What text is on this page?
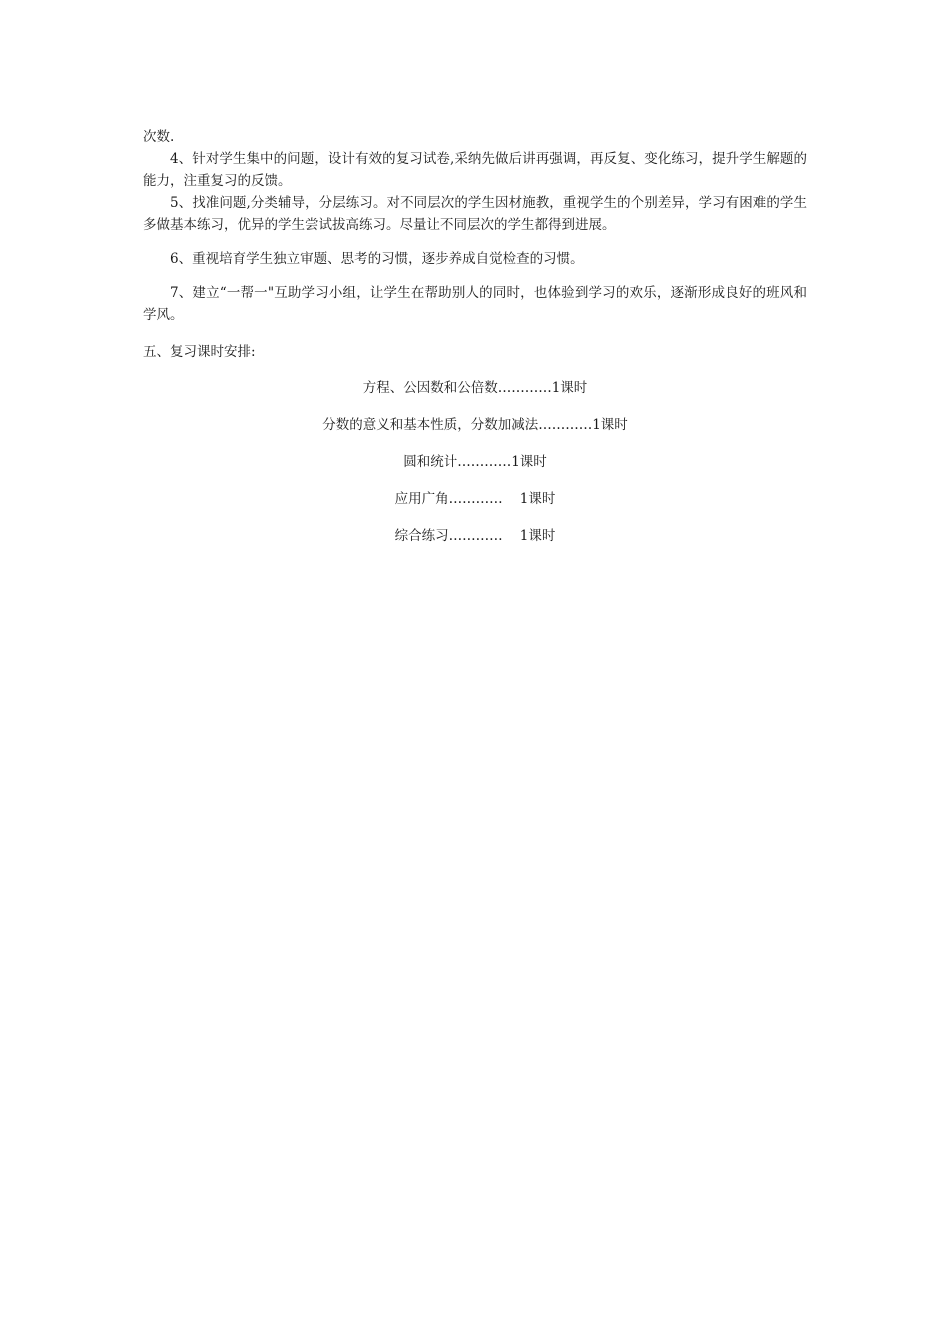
次数.

4、针对学生集中的问题，设计有效的复习试卷,采纳先做后讲再强调，再反复、变化练习，提升学生解题的能力，注重复习的反馈。

5、找准问题,分类辅导，分层练习。对不同层次的学生因材施教，重视学生的个别差异，学习有困难的学生多做基本练习，优异的学生尝试拔高练习。尽量让不同层次的学生都得到进展。

6、重视培育学生独立审题、思考的习惯，逐步养成自觉检查的习惯。

7、建立“一帮一"互助学习小组，让学生在帮助别人的同时，也体验到学习的欢乐，逐渐形成良好的班风和学风。

五、复习课时安排:

方程、公因数和公倍数…………1课时
分数的意义和基本性质，分数加减法…………1课时
圆和统计…………1课时
应用广角…………    1课时
综合练习…………    1课时
